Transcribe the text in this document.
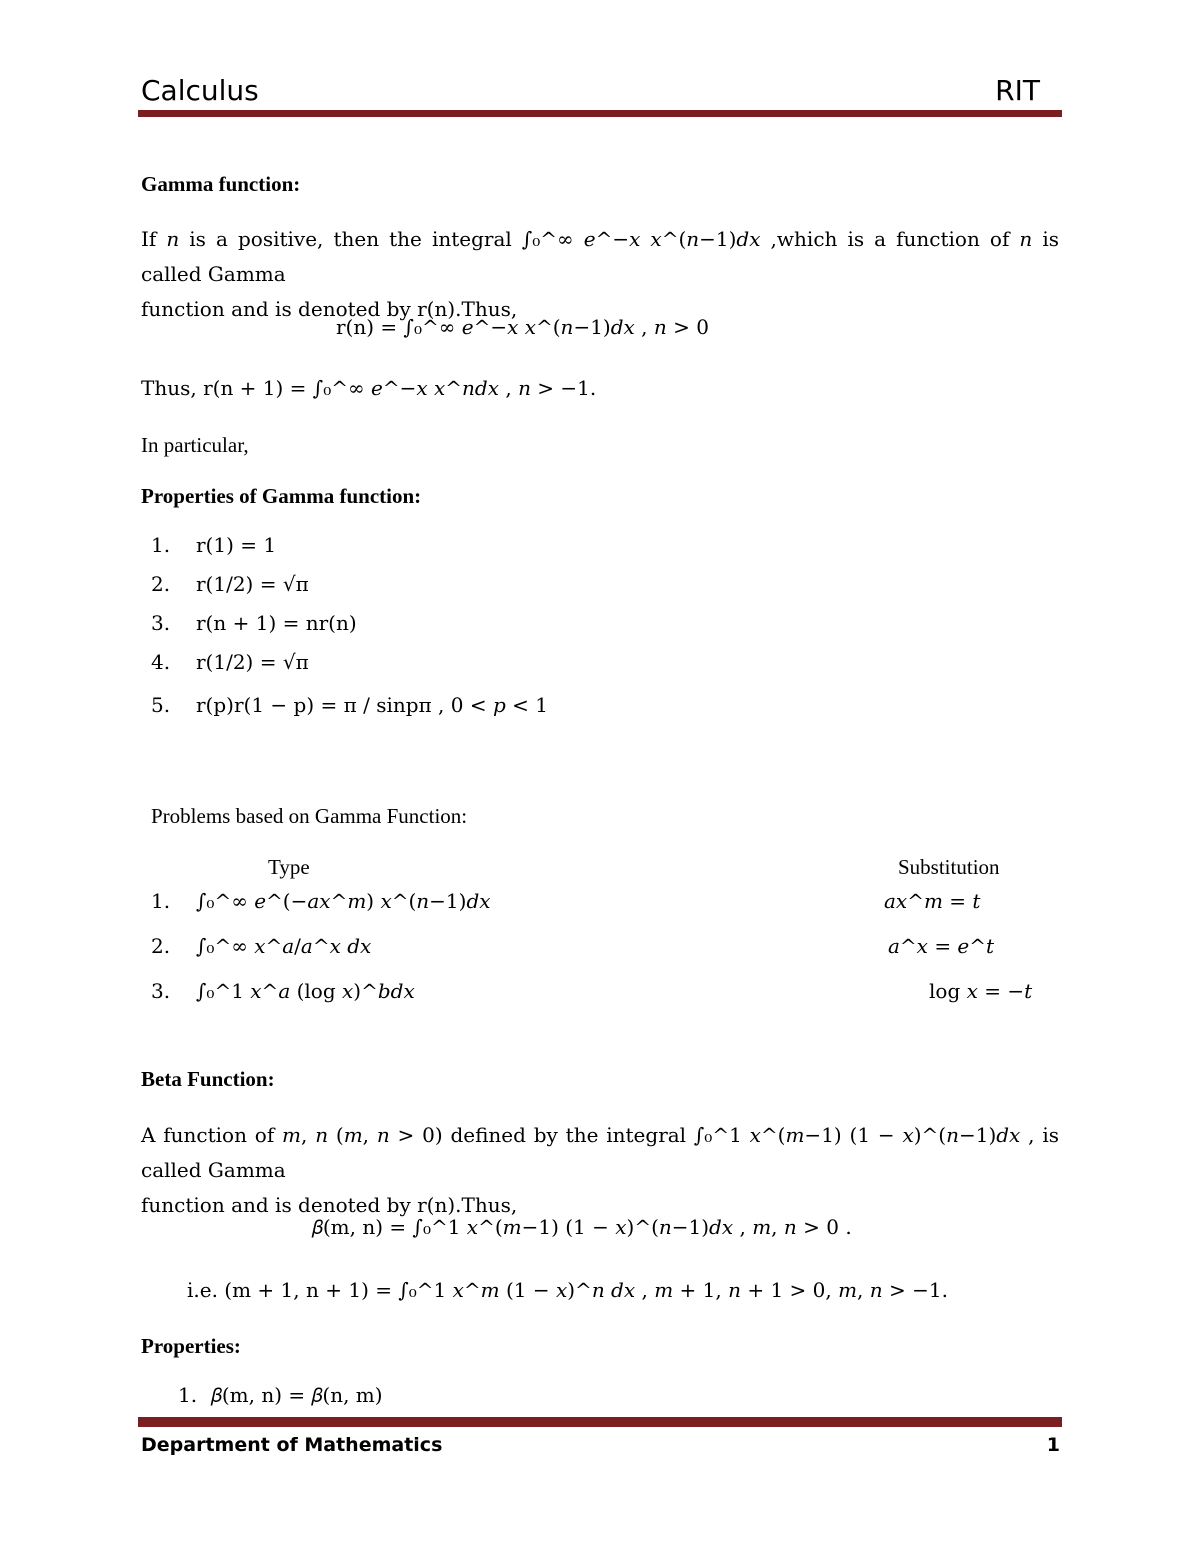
Calculus	RIT
Gamma function:
If 𝑛 is a positive, then the integral ∫₀^∞ 𝑒^−𝑥 𝑥^(𝑛−1)𝑑𝑥 ,which is a function of 𝑛 is called Gamma
function and is denoted by r(n).Thus,
r(n) = ∫₀^∞ 𝑒^−𝑥 𝑥^(𝑛−1)𝑑𝑥 , 𝑛 > 0
Thus, r(n + 1) = ∫₀^∞ 𝑒^−𝑥 𝑥^𝑛𝑑𝑥 , 𝑛 > −1.
In particular,
Properties of Gamma function:
1. r(1) = 1
2. r(1/2) = √π
3. r(n + 1) = nr(n)
4. r(1/2) = √π
5. r(p)r(1 − p) = π / sinpπ , 0 < 𝑝 < 1
Problems based on Gamma Function:
Type	Substitution
1. ∫₀^∞ 𝑒^(−𝑎𝑥^𝑚) 𝑥^(𝑛−1)𝑑𝑥	𝑎𝑥^𝑚 = 𝑡
2. ∫₀^∞ 𝑥^𝑎/𝑎^𝑥 𝑑𝑥	𝑎^𝑥 = 𝑒^𝑡
3. ∫₀^1 𝑥^𝑎 (log 𝑥)^𝑏𝑑𝑥	log 𝑥 = −𝑡
Beta Function:
A function of 𝑚, 𝑛 (𝑚, 𝑛 > 0) defined by the integral ∫₀^1 𝑥^(𝑚−1) (1 − 𝑥)^(𝑛−1)𝑑𝑥 , is called Gamma
function and is denoted by r(n).Thus,
𝛽(m, n) = ∫₀^1 𝑥^(𝑚−1) (1 − 𝑥)^(𝑛−1)𝑑𝑥 , 𝑚, 𝑛 > 0 .
i.e. (m + 1, n + 1) = ∫₀^1 𝑥^𝑚 (1 − 𝑥)^𝑛 𝑑𝑥 , 𝑚 + 1, 𝑛 + 1 > 0, 𝑚, 𝑛 > −1.
Properties:
1. 𝛽(m, n) = 𝛽(n, m)
Department of Mathematics	1
